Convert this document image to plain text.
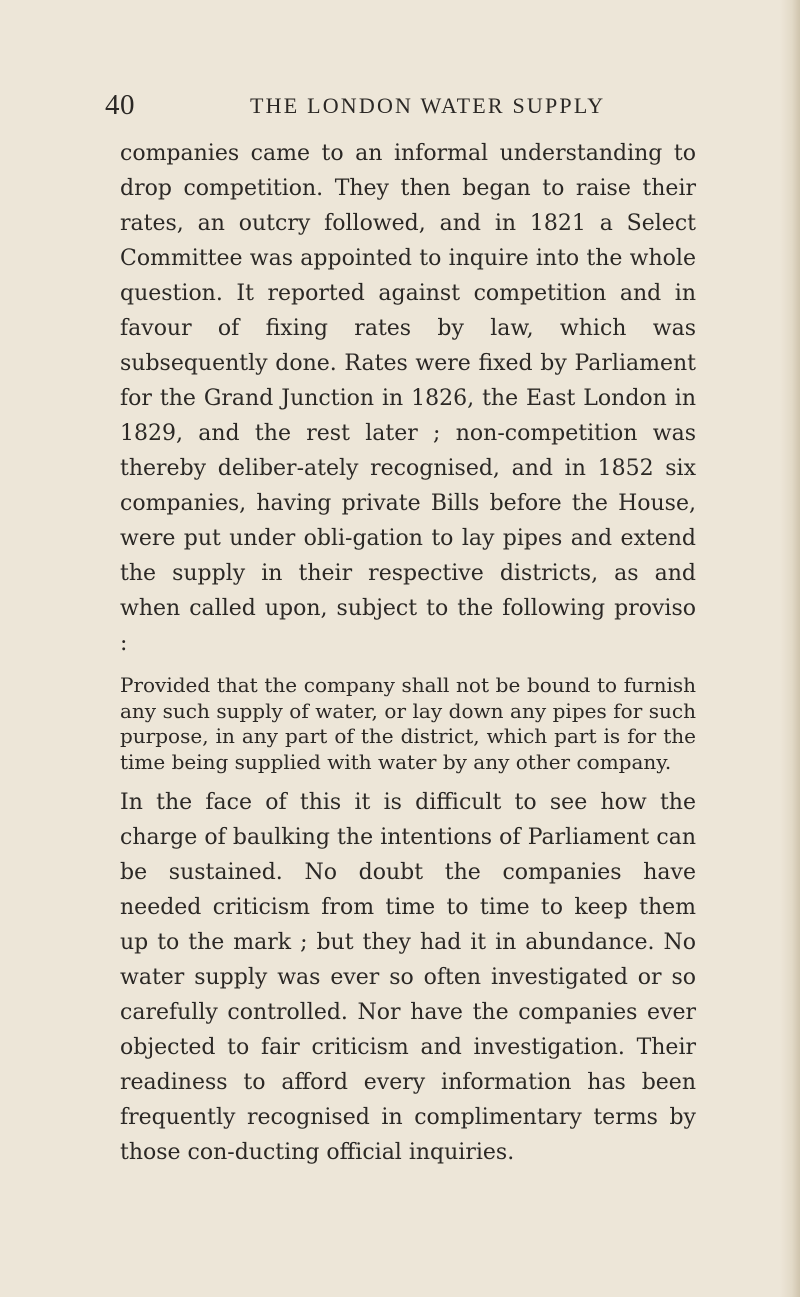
40	THE LONDON WATER SUPPLY

companies came to an informal understanding to drop competition. They then began to raise their rates, an outcry followed, and in 1821 a Select Committee was appointed to inquire into the whole question. It reported against competition and in favour of fixing rates by law, which was subsequently done. Rates were fixed by Parliament for the Grand Junction in 1826, the East London in 1829, and the rest later ; non-competition was thereby deliber-ately recognised, and in 1852 six companies, having private Bills before the House, were put under obli-gation to lay pipes and extend the supply in their respective districts, as and when called upon, subject to the following proviso :

Provided that the company shall not be bound to furnish any such supply of water, or lay down any pipes for such purpose, in any part of the district, which part is for the time being supplied with water by any other company.

In the face of this it is difficult to see how the charge of baulking the intentions of Parliament can be sustained. No doubt the companies have needed criticism from time to time to keep them up to the mark ; but they had it in abundance. No water supply was ever so often investigated or so carefully controlled. Nor have the companies ever objected to fair criticism and investigation. Their readiness to afford every information has been frequently recognised in complimentary terms by those con-ducting official inquiries.
